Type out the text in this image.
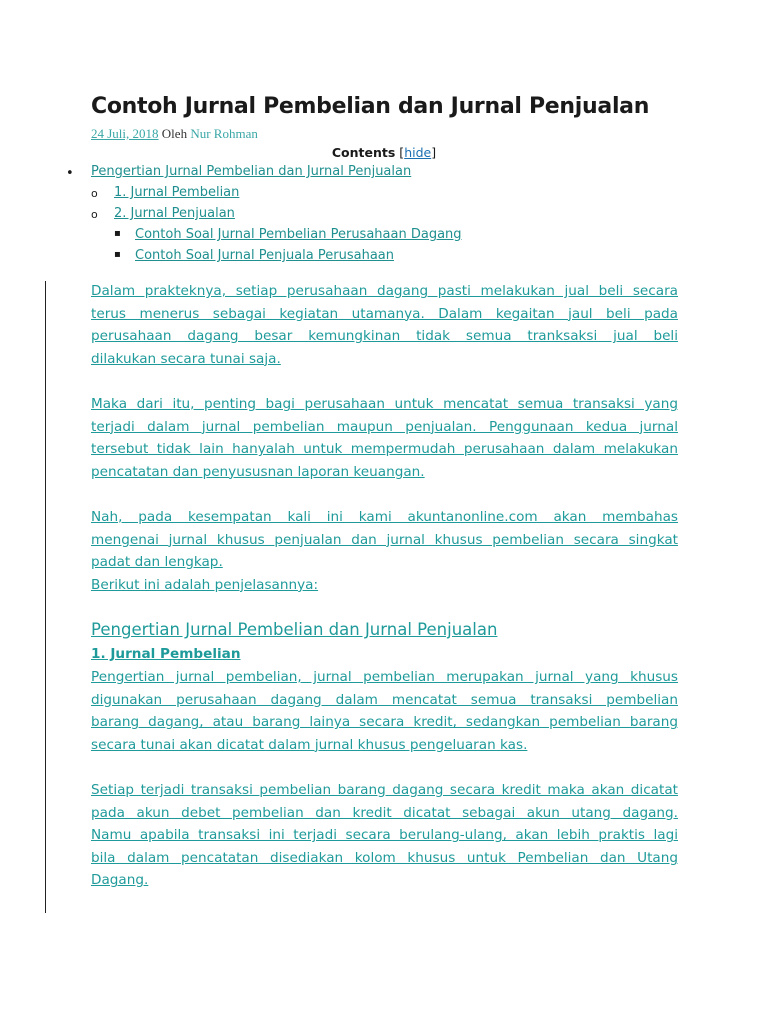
Contoh Jurnal Pembelian dan Jurnal Penjualan
24 Juli, 2018 Oleh Nur Rohman
Contents [hide]
• Pengertian Jurnal Pembelian dan Jurnal Penjualan
o 1. Jurnal Pembelian
o 2. Jurnal Penjualan
▪ Contoh Soal Jurnal Pembelian Perusahaan Dagang
▪ Contoh Soal Jurnal Penjuala Perusahaan
Dalam prakteknya, setiap perusahaan dagang pasti melakukan jual beli secara
terus menerus sebagai kegiatan utamanya. Dalam kegaitan jaul beli pada
perusahaan dagang besar kemungkinan tidak semua tranksaksi jual beli
dilakukan secara tunai saja.
Maka dari itu, penting bagi perusahaan untuk mencatat semua transaksi yang
terjadi dalam jurnal pembelian maupun penjualan. Penggunaan kedua jurnal
tersebut tidak lain hanyalah untuk mempermudah perusahaan dalam melakukan
pencatatan dan penyususnan laporan keuangan.
Nah, pada kesempatan kali ini kami akuntanonline.com akan membahas
mengenai jurnal khusus penjualan dan jurnal khusus pembelian secara singkat
padat dan lengkap.
Berikut ini adalah penjelasannya:
Pengertian Jurnal Pembelian dan Jurnal Penjualan
1. Jurnal Pembelian
Pengertian jurnal pembelian, jurnal pembelian merupakan jurnal yang khusus
digunakan perusahaan dagang dalam mencatat semua transaksi pembelian
barang dagang, atau barang lainya secara kredit, sedangkan pembelian barang
secara tunai akan dicatat dalam jurnal khusus pengeluaran kas.
Setiap terjadi transaksi pembelian barang dagang secara kredit maka akan dicatat
pada akun debet pembelian dan kredit dicatat sebagai akun utang dagang.
Namu apabila transaksi ini terjadi secara berulang-ulang, akan lebih praktis lagi
bila dalam pencatatan disediakan kolom khusus untuk Pembelian dan Utang
Dagang.
